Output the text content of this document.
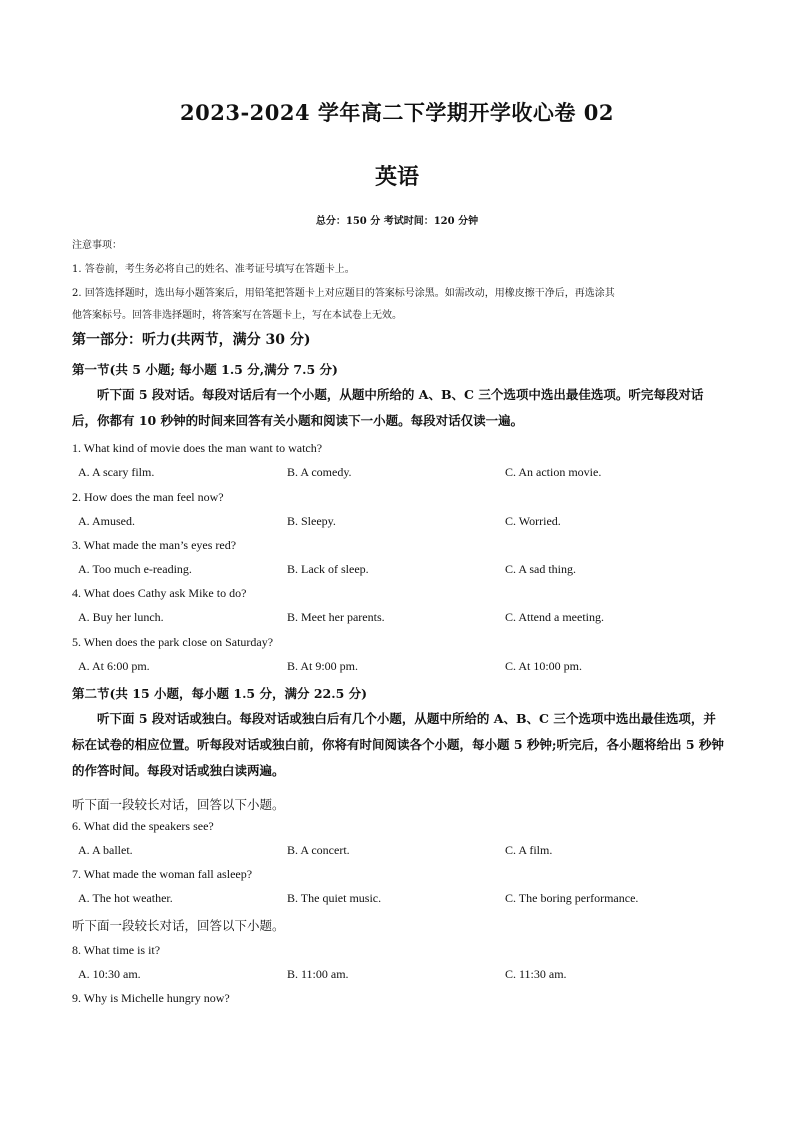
2023-2024 学年高二下学期开学收心卷 02
英语
总分：150 分 考试时间：120 分钟
注意事项：
1. 答卷前，考生务必将自己的姓名、准考证号填写在答题卡上。
2. 回答选择题时，选出每小题答案后，用铅笔把答题卡上对应题目的答案标号涂黑。如需改动，用橡皮擦干净后，再选涂其
他答案标号。回答非选择题时，将答案写在答题卡上，写在本试卷上无效。
第一部分：听力(共两节，满分 30 分)
第一节(共 5 小题; 每小题 1.5 分,满分 7.5 分)
听下面 5 段对话。每段对话后有一个小题，从题中所给的 A、B、C 三个选项中选出最佳选项。听完每段对话后，你都有 10 秒钟的时间来回答有关小题和阅读下一小题。每段对话仅读一遍。
1. What kind of movie does the man want to watch?
A. A scary film.	B. A comedy.	C. An action movie.
2. How does the man feel now?
A. Amused.	B. Sleepy.	C. Worried.
3. What made the man’s eyes red?
A. Too much e-reading.	B. Lack of sleep.	C. A sad thing.
4. What does Cathy ask Mike to do?
A. Buy her lunch.	B. Meet her parents.	C. Attend a meeting.
5. When does the park close on Saturday?
A. At 6:00 pm.	B. At 9:00 pm.	C. At 10:00 pm.
第二节(共 15 小题，每小题 1.5 分，满分 22.5 分)
听下面 5 段对话或独白。每段对话或独白后有几个小题，从题中所给的 A、B、C 三个选项中选出最佳选项，并标在试卷的相应位置。听每段对话或独白前，你将有时间阅读各个小题，每小题 5 秒钟;听完后，各小题将给出 5 秒钟的作答时间。每段对话或独白读两遍。
听下面一段较长对话，回答以下小题。
6. What did the speakers see?
A. A ballet.	B. A concert.	C. A film.
7. What made the woman fall asleep?
A. The hot weather.	B. The quiet music.	C. The boring performance.
听下面一段较长对话，回答以下小题。
8. What time is it?
A. 10:30 am.	B. 11:00 am.	C. 11:30 am.
9. Why is Michelle hungry now?
